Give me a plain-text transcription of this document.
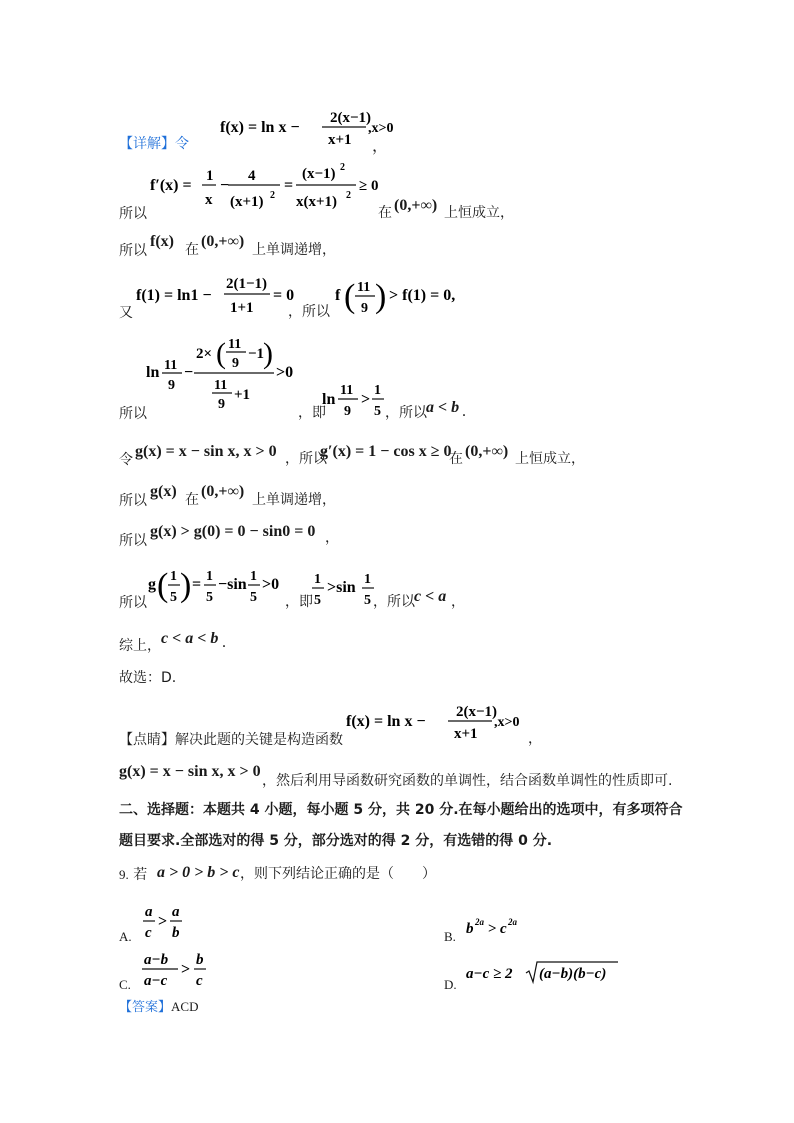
【详解】令
f(x) = ln x −
2(x−1)
x+1
,x>0
，
所以
f′(x) =
1
x
−
4
(x+1) 2
=
(x−1) 2
x(x+1) 2
≥ 0
在 (0,+∞) 上恒成立，
所以
f(x)
在
(0,+∞)
上单调递增，
又
f(1) = ln1 −
2(1−1)
1+1
= 0
，所以
f ( 11
9 ) > f(1) = 0,
所以
ln 11
9
−
2× ( 11
9
−1
)
11
9
+1
>0
，即
ln
11
9
>
1
5 ，所以 a < b .
令 g(x) = x − sin x, x > 0 ，所以
g′(x) = 1 − cos x ≥ 0
在 (0,+∞) 上恒成立，
所以
g(x)
在
(0,+∞)
上单调递增，
所以
g(x) > g(0) = 0 − sin0 = 0 ，
所以
g ( 1
5 ) = 1
5
−sin 1
5
>0
，即
1
5
>sin 1
5 ，所以 c < a ，
综上， c < a < b .
故选：D.
【点睛】解决此题的关键是构造函数
f(x) = ln x −
2(x−1)
x+1
,x>0
，
g(x) = x − sin x, x > 0
，然后利用导函数研究函数的单调性，结合函数单调性的性质即可.
二、选择题：本题共 4 小题，每小题 5 分，共 20 分.在每小题给出的选项中，有多项符合
题目要求.全部选对的得 5 分，部分选对的得 2 分，有选错的得 0 分.
9. 若 a > 0 > b > c ，则下列结论正确的是（　　）
A.
a
c
>
a
b	B. b 2a > c 2a
C.
a−b
a−c
>
b
c	D.
a−c ≥ 2 (a−b)(b−c)
【答案】ACD
